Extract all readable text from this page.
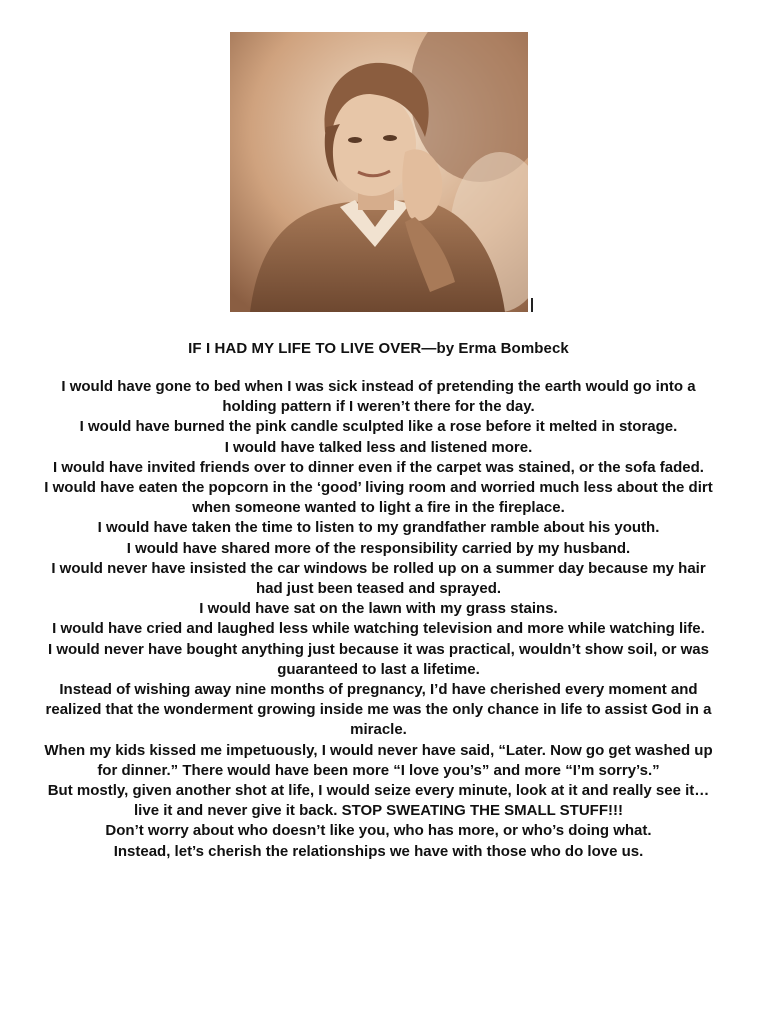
IF I HAD MY LIFE TO LIVE OVER—by Erma Bombeck

I would have gone to bed when I was sick instead of pretending the earth would go into a holding pattern if I weren’t there for the day.

I would have burned the pink candle sculpted like a rose before it melted in storage.

I would have talked less and listened more.

I would have invited friends over to dinner even if the carpet was stained, or the sofa faded.

I would have eaten the popcorn in the ‘good’ living room and worried much less about the dirt when someone wanted to light a fire in the fireplace.

I would have taken the time to listen to my grandfather ramble about his youth.

I would have shared more of the responsibility carried by my husband.

I would never have insisted the car windows be rolled up on a summer day because my hair had just been teased and sprayed.

I would have sat on the lawn with my grass stains.

I would have cried and laughed less while watching television and more while watching life.

I would never have bought anything just because it was practical, wouldn’t show soil, or was guaranteed to last a lifetime.

Instead of wishing away nine months of pregnancy, I’d have cherished every moment and realized that the wonderment growing inside me was the only chance in life to assist God in a miracle.

When my kids kissed me impetuously, I would never have said, “Later. Now go get washed up for dinner.” There would have been more “I love you’s” and more “I’m sorry’s.”

But mostly, given another shot at life, I would seize every minute, look at it and really see it…live it and never give it back. STOP SWEATING THE SMALL STUFF!!!

Don’t worry about who doesn’t like you, who has more, or who’s doing what.

Instead, let’s cherish the relationships we have with those who do love us.
